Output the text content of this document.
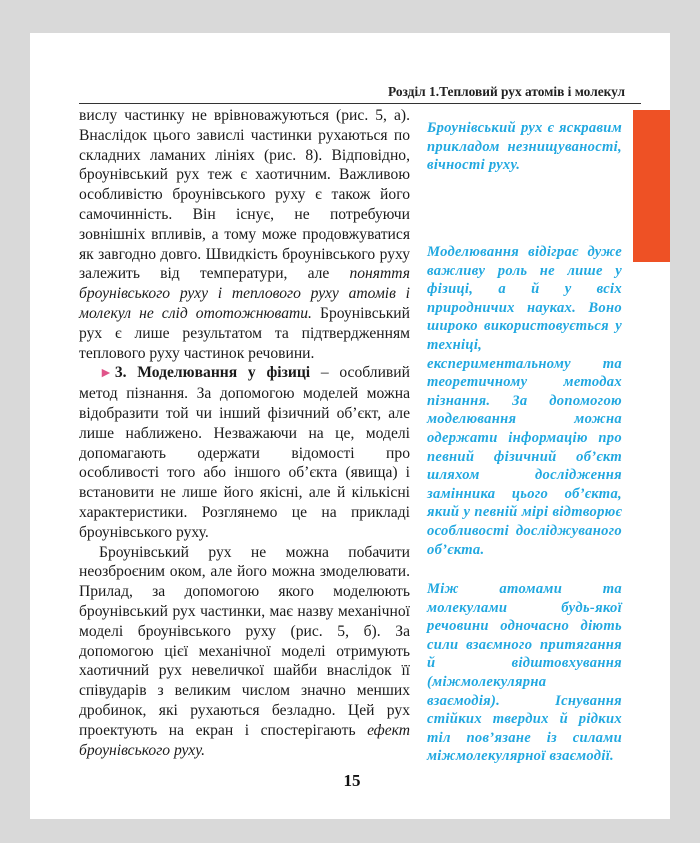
Розділ 1.Тепловий рух атомів і молекул

вислу частинку не врівноважуються (рис. 5, а). Внаслідок цього завислі частинки рухаються по складних ламаних лініях (рис. 8). Відповідно, броунівський рух теж є хаотичним. Важливою особливістю броунівського руху є також його самочинність. Він існує, не потребуючи зовнішніх впливів, а тому може продовжуватися як завгодно довго. Швидкість броунівського руху залежить від температури, але поняття броунівського руху і теплового руху атомів і молекул не слід ототожнювати. Броунівський рух є лише результатом та підтвердженням теплового руху частинок речовини.

► 3. Моделювання у фізиці – особливий метод пізнання. За допомогою моделей можна відобразити той чи інший фізичний об’єкт, але лише наближено. Незважаючи на це, моделі допомагають одержати відомості про особливості того або іншого об’єкта (явища) і встановити не лише його якісні, але й кількісні характеристики. Розглянемо це на прикладі броунівського руху.

Броунівський рух не можна побачити неозброєним оком, але його можна змоделювати. Прилад, за допомогою якого моделюють броунівський рух частинки, має назву механічної моделі броунівського руху (рис. 5, б). За допомогою цієї механічної моделі отримують хаотичний рух невеличкої шайби внаслідок її співударів з великим числом значно менших дробинок, які рухаються безладно. Цей рух проектують на екран і спостерігають ефект броунівського руху.

Броунівський рух є яскравим прикладом незнищуваності, вічності руху.
Моделювання відіграє дуже важливу роль не лише у фізиці, а й у всіх природничих науках. Воно широко використовується у техніці, експериментальному та теоретичному методах пізнання. За допомогою моделювання можна одержати інформацію про певний фізичний об’єкт шляхом дослідження замінника цього об’єкта, який у певній мірі відтворює особливості досліджуваного об’єкта.
Між атомами та молекулами будь-якої речовини одночасно діють сили взаємного притягання й відштовхування (міжмолекулярна взаємодія). Існування стійких твердих й рідких тіл пов’язане із силами міжмолекулярної взаємодії.
15
